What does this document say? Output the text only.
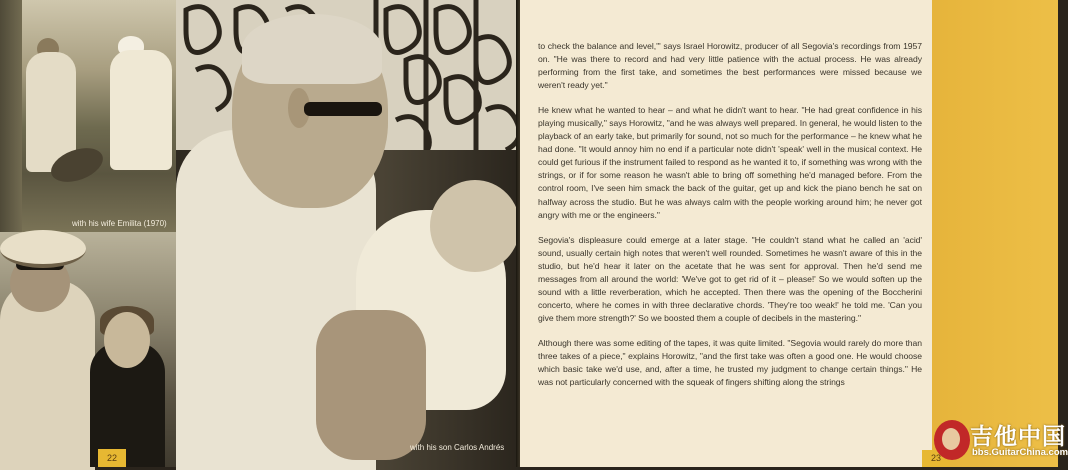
with his wife Emilita (1970)
22
with his son Carlos Andrés

to check the balance and level,'" says Israel Horowitz, producer of all Segovia's recordings from 1957 on. "He was there to record and had very little patience with the actual process. He was already performing from the first take, and sometimes the best performances were missed because we weren't ready yet."

He knew what he wanted to hear – and what he didn't want to hear. "He had great confidence in his playing musically," says Horowitz, "and he was always well prepared. In general, he would listen to the playback of an early take, but primarily for sound, not so much for the performance – he knew what he had done. "It would annoy him no end if a particular note didn't 'speak' well in the musical context. He could get furious if the instrument failed to respond as he wanted it to, if something was wrong with the strings, or if for some reason he wasn't able to bring off something he'd managed before. From the control room, I've seen him smack the back of the guitar, get up and kick the piano bench he sat on halfway across the studio. But he was always calm with the people working around him; he never got angry with me or the engineers."

Segovia's displeasure could emerge at a later stage. "He couldn't stand what he called an 'acid' sound, usually certain high notes that weren't well rounded. Sometimes he wasn't aware of this in the studio, but he'd hear it later on the acetate that he was sent for approval. Then he'd send me messages from all around the world: 'We've got to get rid of it – please!' So we would soften up the sound with a little reverberation, which he accepted. Then there was the opening of the Boccherini concerto, where he comes in with three declarative chords. 'They're too weak!' he told me. 'Can you give them more strength?' So we boosted them a couple of decibels in the mastering."

Although there was some editing of the tapes, it was quite limited. "Segovia would rarely do more than three takes of a piece," explains Horowitz, "and the first take was often a good one. He would choose which basic take we'd use, and, after a time, he trusted my judgment to change certain things." He was not particularly concerned with the squeak of fingers shifting along the strings

23
吉他中国
bbs.GuitarChina.com
